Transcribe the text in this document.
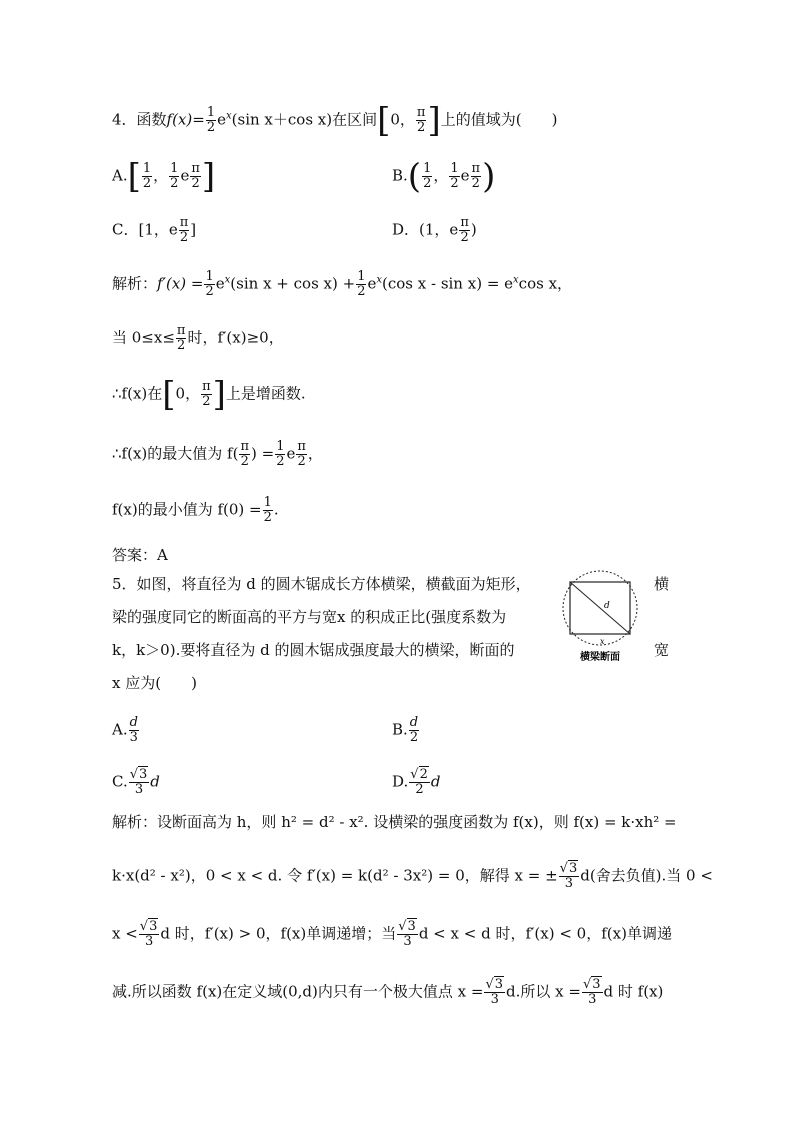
4．函数$f(x)= \frac{1}{2} e^x(\sin$ x＋cos x)在区间[0， $\frac{\pi}{2}$ ]上的值域为(　　)
$A.[ \frac{1}{2}$ ， $\frac{1}{2}$ e $\frac{\pi}{2}$ ]	$B.( \frac{1}{2}$ ， $\frac{1}{2}$ e $\frac{\pi}{2}$ )
C．[1，e $\frac{\pi}{2}$ ]	D．(1，e $\frac{\pi}{2}$ )
解析：$f'(x) = \frac{1}{2} e^x(\sin$ $x + \cos x) + \frac{1}{2} e^x(\cos$ $x - \sin x) = e^x\cos$ x，
当 $0\le x\le \frac{\pi}{2}$ 时，f′(x)≥0，
∴f(x)在[0， $\frac{\pi}{2}$ ]上是增函数.
∴f(x)的最大值为 $f( \frac{\pi}{2}$ ) = $\frac{1}{2}$ e $\frac{\pi}{2}$ ，
f(x)的最小值为 $f(0) = \frac{1}{2}$ .
答案：A
5．如图，将直径为 d 的圆木锯成长方体横梁，横截面为矩形，	横
梁的强度同它的断面高的平方与宽x 的积成正比(强度系数为
k，k＞0).要将直径为 d 的圆木锯成强度最大的横梁，断面的	宽
x 应为(　　)
d
x
横梁断面
A. $\frac{d}{3}$	B. $\frac{d}{2}$
C. $\frac{√3}{3}$ d	D. $\frac{√2}{2}$ d
解析：设断面高为 h，则 h² = d² - x². 设横梁的强度函数为 f(x)，则 f(x) = k·xh² =
k·x(d² - x²)，0 < x < d. 令 f′(x) = k(d² - 3x²) = 0，解得 x = ± $\frac{√3}{3} d$(舍去负值).当 0 <
$x < \frac{√3}{3}$ d 时，f′(x) > 0，f(x)单调递增；当 $\frac{√3}{3}$ d < x < d 时，f′(x) < 0，f(x)单调递
减.所以函数 f(x)在定义域(0,d)内只有一个极大值点 $x = \frac{√3}{3} d$.所以 $x = \frac{√3}{3}$ d 时 f(x)
